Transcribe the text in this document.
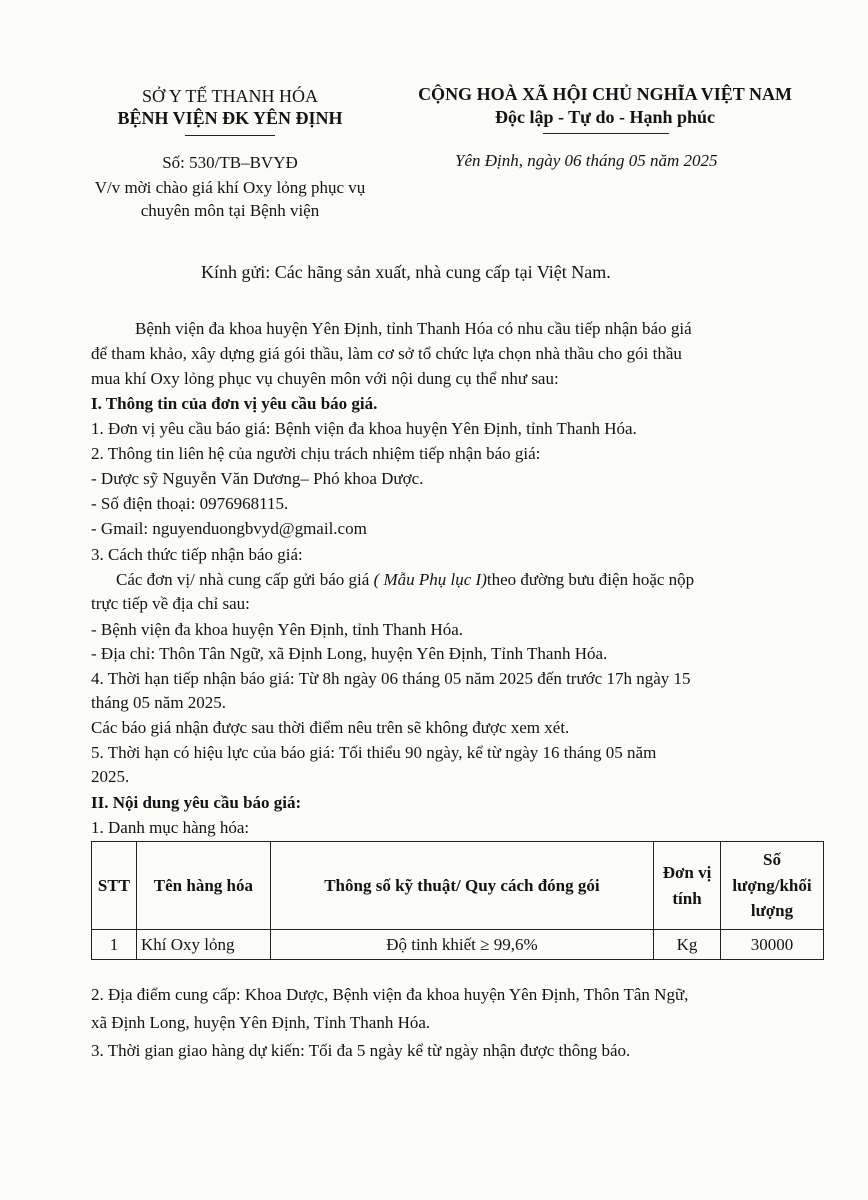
SỞ Y TẾ THANH HÓA
BỆNH VIỆN ĐK YÊN ĐỊNH
CỘNG HOÀ XÃ HỘI CHỦ NGHĨA VIỆT NAM
Độc lập - Tự do - Hạnh phúc
Số: 530/TB–BVYĐ
V/v mời chào giá khí Oxy lỏng phục vụ
chuyên môn tại Bệnh viện
Yên Định, ngày 06 tháng 05 năm 2025
Kính gửi: Các hãng sản xuất, nhà cung cấp tại Việt Nam.
Bệnh viện đa khoa huyện Yên Định, tỉnh Thanh Hóa có nhu cầu tiếp nhận báo giá
để tham khảo, xây dựng giá gói thầu, làm cơ sở tổ chức lựa chọn nhà thầu cho gói thầu
mua khí Oxy lỏng phục vụ chuyên môn với nội dung cụ thể như sau:
I. Thông tin của đơn vị yêu cầu báo giá.
1. Đơn vị yêu cầu báo giá: Bệnh viện đa khoa huyện Yên Định, tỉnh Thanh Hóa.
2. Thông tin liên hệ của người chịu trách nhiệm tiếp nhận báo giá:
- Dược sỹ Nguyễn Văn Dương– Phó khoa Dược.
- Số điện thoại: 0976968115.
- Gmail: nguyenduongbvyd@gmail.com
3. Cách thức tiếp nhận báo giá:
Các đơn vị/ nhà cung cấp gửi báo giá ( Mẫu Phụ lục I)theo đường bưu điện hoặc nộp
trực tiếp về địa chỉ sau:
- Bệnh viện đa khoa huyện Yên Định, tỉnh Thanh Hóa.
- Địa chỉ: Thôn Tân Ngữ, xã Định Long, huyện Yên Định, Tỉnh Thanh Hóa.
4. Thời hạn tiếp nhận báo giá: Từ 8h ngày 06 tháng 05 năm 2025 đến trước 17h ngày 15
tháng 05 năm 2025.
Các báo giá nhận được sau thời điểm nêu trên sẽ không được xem xét.
5. Thời hạn có hiệu lực của báo giá: Tối thiểu 90 ngày, kể từ ngày 16 tháng 05 năm
2025.
II. Nội dung yêu cầu báo giá:
1. Danh mục hàng hóa:
STT	Tên hàng hóa	Thông số kỹ thuật/ Quy cách đóng gói	Đơn vị tính	Số lượng/khối lượng
1	Khí Oxy lỏng	Độ tinh khiết ≥ 99,6%	Kg	30000
2. Địa điểm cung cấp: Khoa Dược, Bệnh viện đa khoa huyện Yên Định, Thôn Tân Ngữ,
xã Định Long, huyện Yên Định, Tỉnh Thanh Hóa.
3. Thời gian giao hàng dự kiến: Tối đa 5 ngày kể từ ngày nhận được thông báo.
